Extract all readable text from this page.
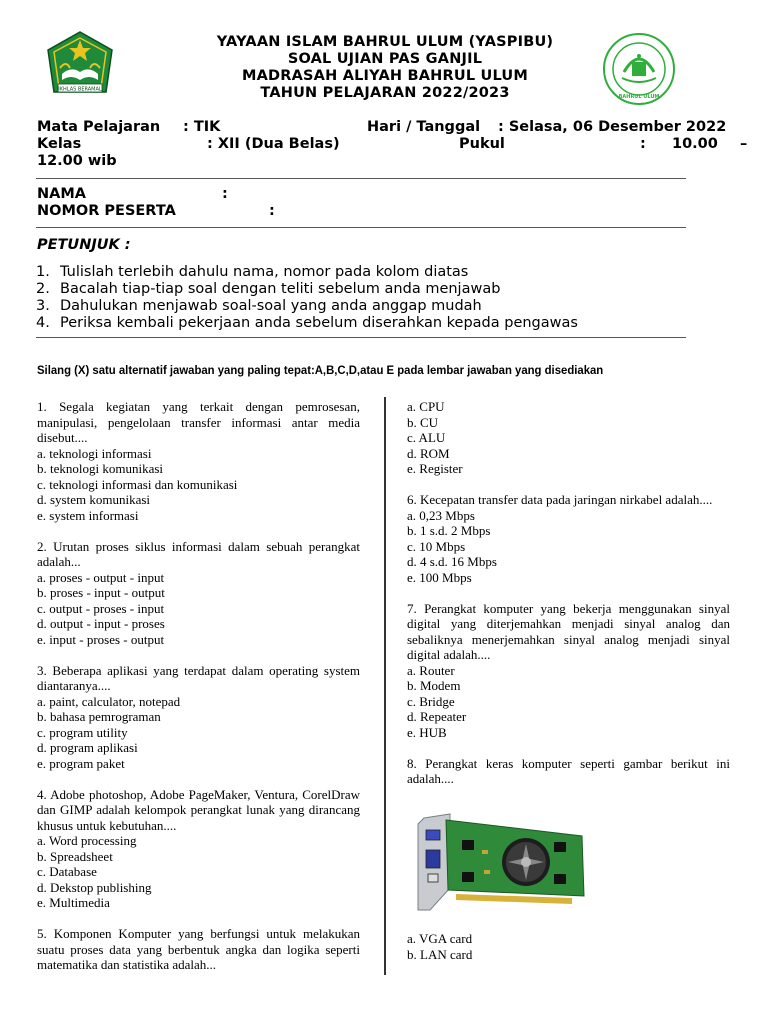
IKHLAS BERAMAL
YAYAAN ISLAM BAHRUL ULUM (YASPIBU)
SOAL UJIAN PAS GANJIL
MADRASAH ALIYAH BAHRUL ULUM
TAHUN PELAJARAN 2022/2023	BAHRUL ULUM
Mata Pelajaran : TIK	Hari / Tanggal : Selasa, 06 Desember 2022
Kelas	: XII (Dua Belas)	Pukul	: 10.00 –
12.00 wib
NAMA	:
NOMOR PESERTA	:
PETUNJUK :
1. Tulislah terlebih dahulu nama, nomor pada kolom diatas
2. Bacalah tiap-tiap soal dengan teliti sebelum anda menjawab
3. Dahulukan menjawab soal-soal yang anda anggap mudah
4. Periksa kembali pekerjaan anda sebelum diserahkan kepada pengawas
Silang (X) satu alternatif jawaban yang paling tepat:A,B,C,D,atau E pada lembar jawaban yang disediakan
1. Segala kegiatan yang terkait dengan pemrosesan, manipulasi, pengelolaan transfer informasi antar media disebut....
a. teknologi informasi
b. teknologi komunikasi
c. teknologi informasi dan komunikasi
d. system komunikasi
e. system informasi
2. Urutan proses siklus informasi dalam sebuah perangkat adalah...
a. proses - output - input
b. proses - input - output
c. output - proses - input
d. output - input - proses
e. input - proses - output
3. Beberapa aplikasi yang terdapat dalam operating system diantaranya....
a. paint, calculator, notepad
b. bahasa pemrograman
c. program utility
d. program aplikasi
e. program paket
4. Adobe photoshop, Adobe PageMaker, Ventura, CorelDraw dan GIMP adalah kelompok perangkat lunak yang dirancang khusus untuk kebutuhan....
a. Word processing
b. Spreadsheet
c. Database
d. Dekstop publishing
e. Multimedia
5. Komponen Komputer yang berfungsi untuk melakukan suatu proses data yang berbentuk angka dan logika seperti matematika dan statistika adalah...
a. CPU
b. CU
c. ALU
d. ROM
e. Register
6. Kecepatan transfer data pada jaringan nirkabel adalah....
a. 0,23 Mbps
b. 1 s.d. 2 Mbps
c. 10 Mbps
d. 4 s.d. 16 Mbps
e. 100 Mbps
7. Perangkat komputer yang bekerja menggunakan sinyal digital yang diterjemahkan menjadi sinyal analog dan sebaliknya menerjemahkan sinyal analog menjadi sinyal digital adalah....
a. Router
b. Modem
c. Bridge
d. Repeater
e. HUB
8. Perangkat keras komputer seperti gambar berikut ini adalah....
a. VGA card
b. LAN card
